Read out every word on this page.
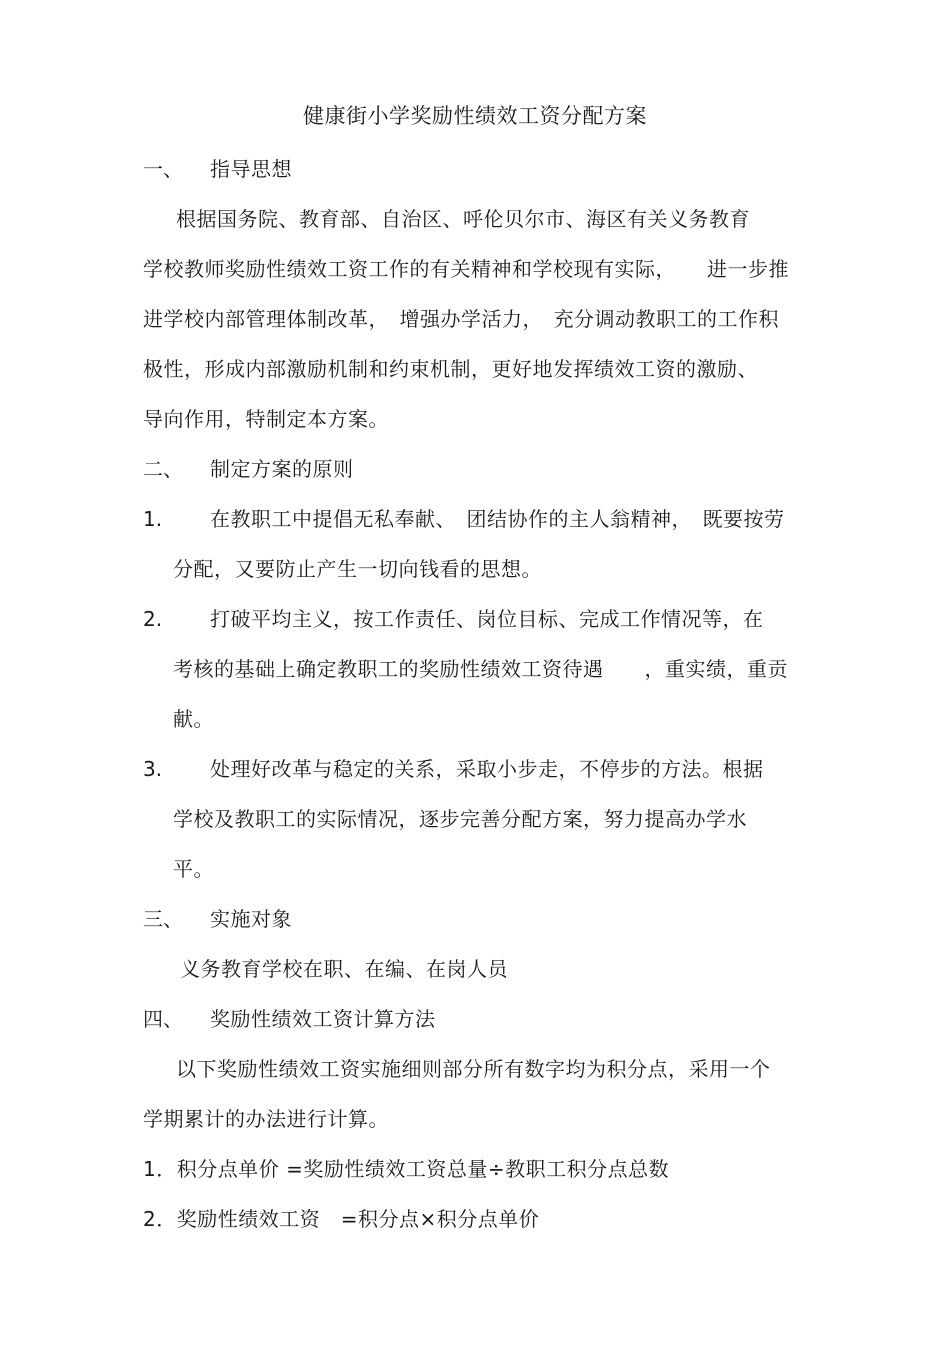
健康街小学奖励性绩效工资分配方案
一、 指导思想
根据国务院、教育部、自治区、呼伦贝尔市、海区有关义务教育
学校教师奖励性绩效工资工作的有关精神和学校现有实际，　　进一步推
进学校内部管理体制改革，　增强办学活力，　充分调动教职工的工作积
极性，形成内部激励机制和约束机制，更好地发挥绩效工资的激励、
导向作用，特制定本方案。
二、 制定方案的原则
1. 在教职工中提倡无私奉献、　团结协作的主人翁精神，　既要按劳
分配，又要防止产生一切向钱看的思想。
2. 打破平均主义，按工作责任、岗位目标、完成工作情况等，在
考核的基础上确定教职工的奖励性绩效工资待遇　　，重实绩，重贡
献。
3. 处理好改革与稳定的关系，采取小步走，不停步的方法。根据
学校及教职工的实际情况，逐步完善分配方案，努力提高办学水
平。
三、 实施对象
义务教育学校在职、在编、在岗人员
四、 奖励性绩效工资计算方法
以下奖励性绩效工资实施细则部分所有数字均为积分点，采用一个
学期累计的办法进行计算。
1．积分点单价 =奖励性绩效工资总量÷教职工积分点总数
2．奖励性绩效工资　=积分点×积分点单价
